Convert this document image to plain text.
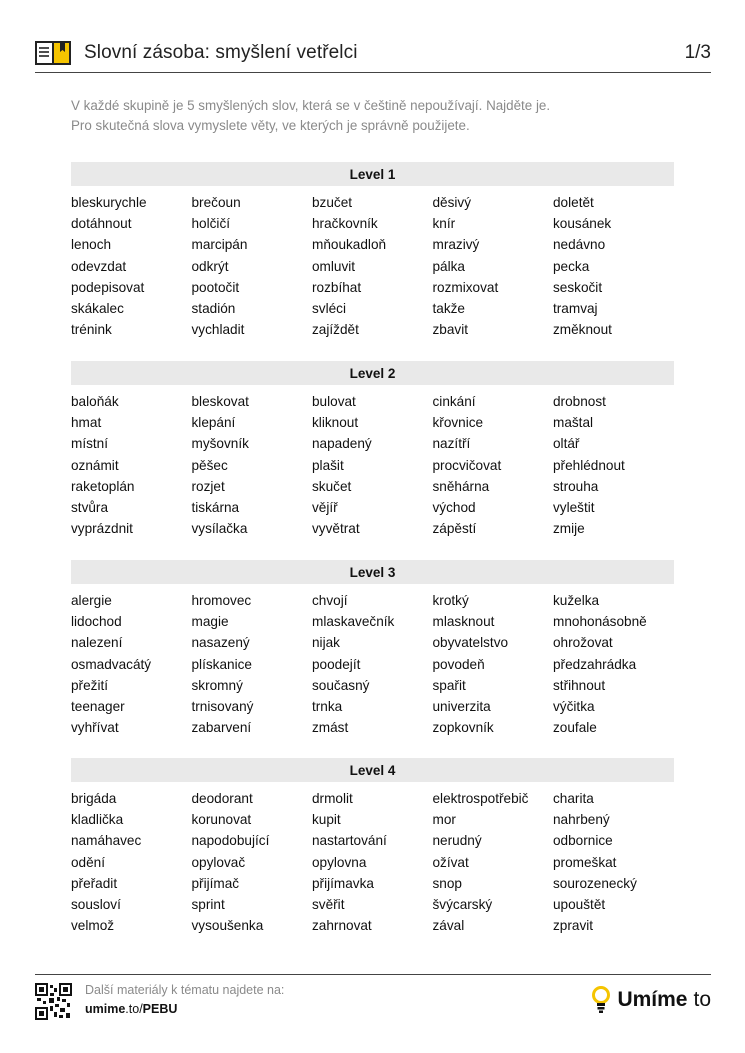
Slovní zásoba: smyšlení vetřelci	1/3
V každé skupině je 5 smyšlených slov, která se v češtině nepoužívají. Najděte je.
Pro skutečná slova vymyslete věty, ve kterých je správně použijete.
Level 1
bleskurychle	brečoun	bzučet	děsivý	doletět
dotáhnout	holčičí	hračkovník	knír	kousánek
lenoch	marcipán	mňoukadloň	mrazivý	nedávno
odevzdat	odkrýt	omluvit	pálka	pecka
podepisovat	pootočit	rozbíhat	rozmixovat	seskočit
skákalec	stadión	svléci	takže	tramvaj
trénink	vychladit	zajíždět	zbavit	změknout
Level 2
baloňák	bleskovat	bulovat	cinkání	drobnost
hmat	klepání	kliknout	křovnice	maštal
místní	myšovník	napadený	nazítří	oltář
oznámit	pěšec	plašit	procvičovat	přehlédnout
raketoplán	rozjet	skučet	sněhárna	strouha
stvůra	tiskárna	vějíř	východ	vyleštit
vyprázdnit	vysílačka	vyvětrat	zápěstí	zmije
Level 3
alergie	hromovec	chvojí	krotký	kuželka
lidochod	magie	mlaskavečník	mlasknout	mnohonásobně
nalezení	nasazený	nijak	obyvatelstvo	ohrožovat
osmadvacátý	plískanice	poodejít	povodeň	předzahrádka
přežití	skromný	současný	spařit	střihnout
teenager	trnisovaný	trnka	univerzita	výčitka
vyhřívat	zabarvení	zmást	zopkovník	zoufale
Level 4
brigáda	deodorant	drmolit	elektrospotřebič	charita
kladlička	korunovat	kupit	mor	nahrbený
namáhavec	napodobující	nastartování	nerudný	odbornice
odění	opylovač	opylovna	ožívat	promeškat
přeřadit	přijímač	přijímavka	snop	sourozenecký
sousloví	sprint	svěřit	švýcarský	upouštět
velmož	vysoušenka	zahrnovat	zával	zpravit
Další materiály k tématu najdete na:
umime.to/PEBU	Umíme to
